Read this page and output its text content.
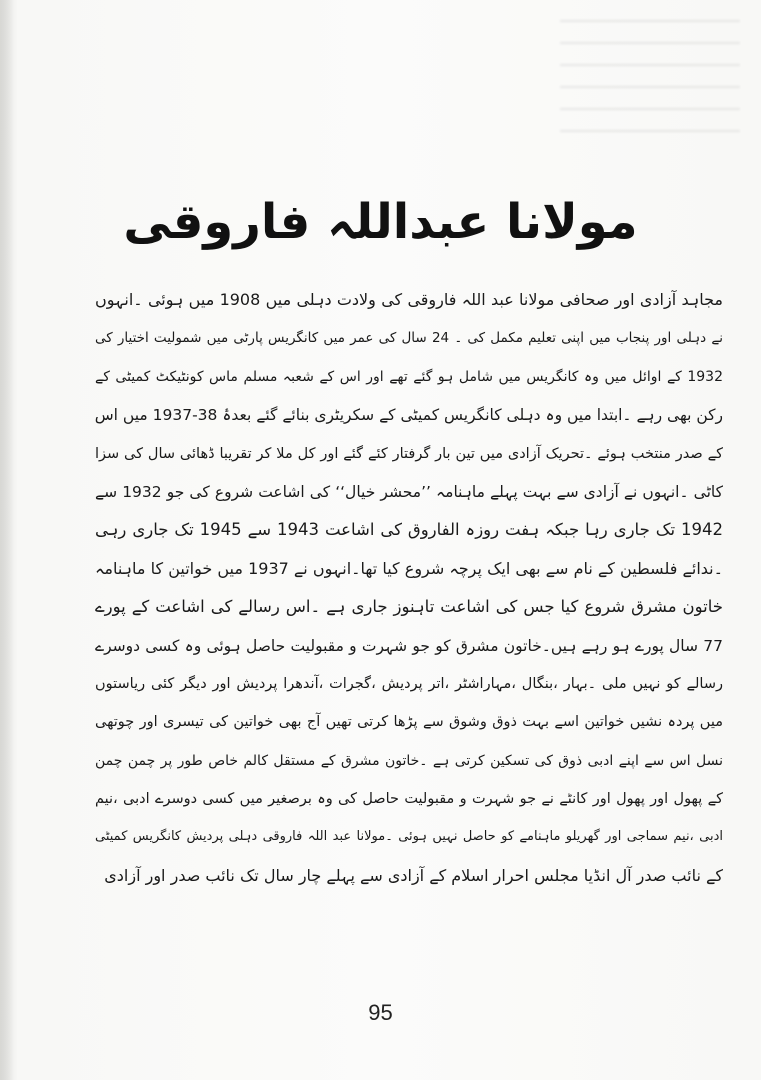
مولانا عبداللہ فاروقی
مجاہد آزادی اور صحافی مولانا عبد اللہ فاروقی کی ولادت دہلی میں 1908 میں ہوئی ۔انہوں
نے دہلی اور پنجاب میں اپنی تعلیم مکمل کی ۔ 24 سال کی عمر میں کانگریس پارٹی میں شمولیت اختیار کی
1932 کے اوائل میں وہ کانگریس میں شامل ہو گئے تھے اور اس کے شعبہ مسلم ماس کونٹیکٹ کمیٹی کے
رکن بھی رہے ۔ابتدا میں وہ دہلی کانگریس کمیٹی کے سکریٹری بنائے گئے بعدۂ 38-1937 میں اس
کے صدر منتخب ہوئے ۔تحریک آزادی میں تین بار گرفتار کئے گئے اور کل ملا کر تقریبا ڈھائی سال کی سزا
کاٹی ۔انہوں نے آزادی سے بہت پہلے ماہنامہ ’’محشر خیال‘‘ کی اشاعت شروع کی جو 1932 سے
1942 تک جاری رہا جبکہ ہفت روزہ الفاروق کی اشاعت 1943 سے 1945 تک جاری رہی
۔ندائے فلسطین کے نام سے بھی ایک پرچہ شروع کیا تھا۔انہوں نے 1937 میں خواتین کا ماہنامہ
خاتون مشرق شروع کیا جس کی اشاعت تاہنوز جاری ہے ۔اس رسالے کی اشاعت کے پورے
77 سال پورے ہو رہے ہیں۔خاتون مشرق کو جو شہرت و مقبولیت حاصل ہوئی وہ کسی دوسرے
رسالے کو نہیں ملی ۔بہار ،بنگال ،مہاراشٹر ،اتر پردیش ،گجرات ،آندھرا پردیش اور دیگر کئی ریاستوں
میں پردہ نشیں خواتین اسے بہت ذوق وشوق سے پڑھا کرتی تھیں آج بھی خواتین کی تیسری اور چوتھی
نسل اس سے اپنے ادبی ذوق کی تسکین کرتی ہے ۔خاتون مشرق کے مستقل کالم خاص طور پر چمن چمن
کے پھول اور پھول اور کانٹے نے جو شہرت و مقبولیت حاصل کی وہ برصغیر میں کسی دوسرے ادبی ،نیم
ادبی ،نیم سماجی اور گھریلو ماہنامے کو حاصل نہیں ہوئی ۔مولانا عبد اللہ فاروقی دہلی پردیش کانگریس کمیٹی
کے نائب صدر آل انڈیا مجلس احرار اسلام کے آزادی سے پہلے چار سال تک نائب صدر اور آزادی
95
